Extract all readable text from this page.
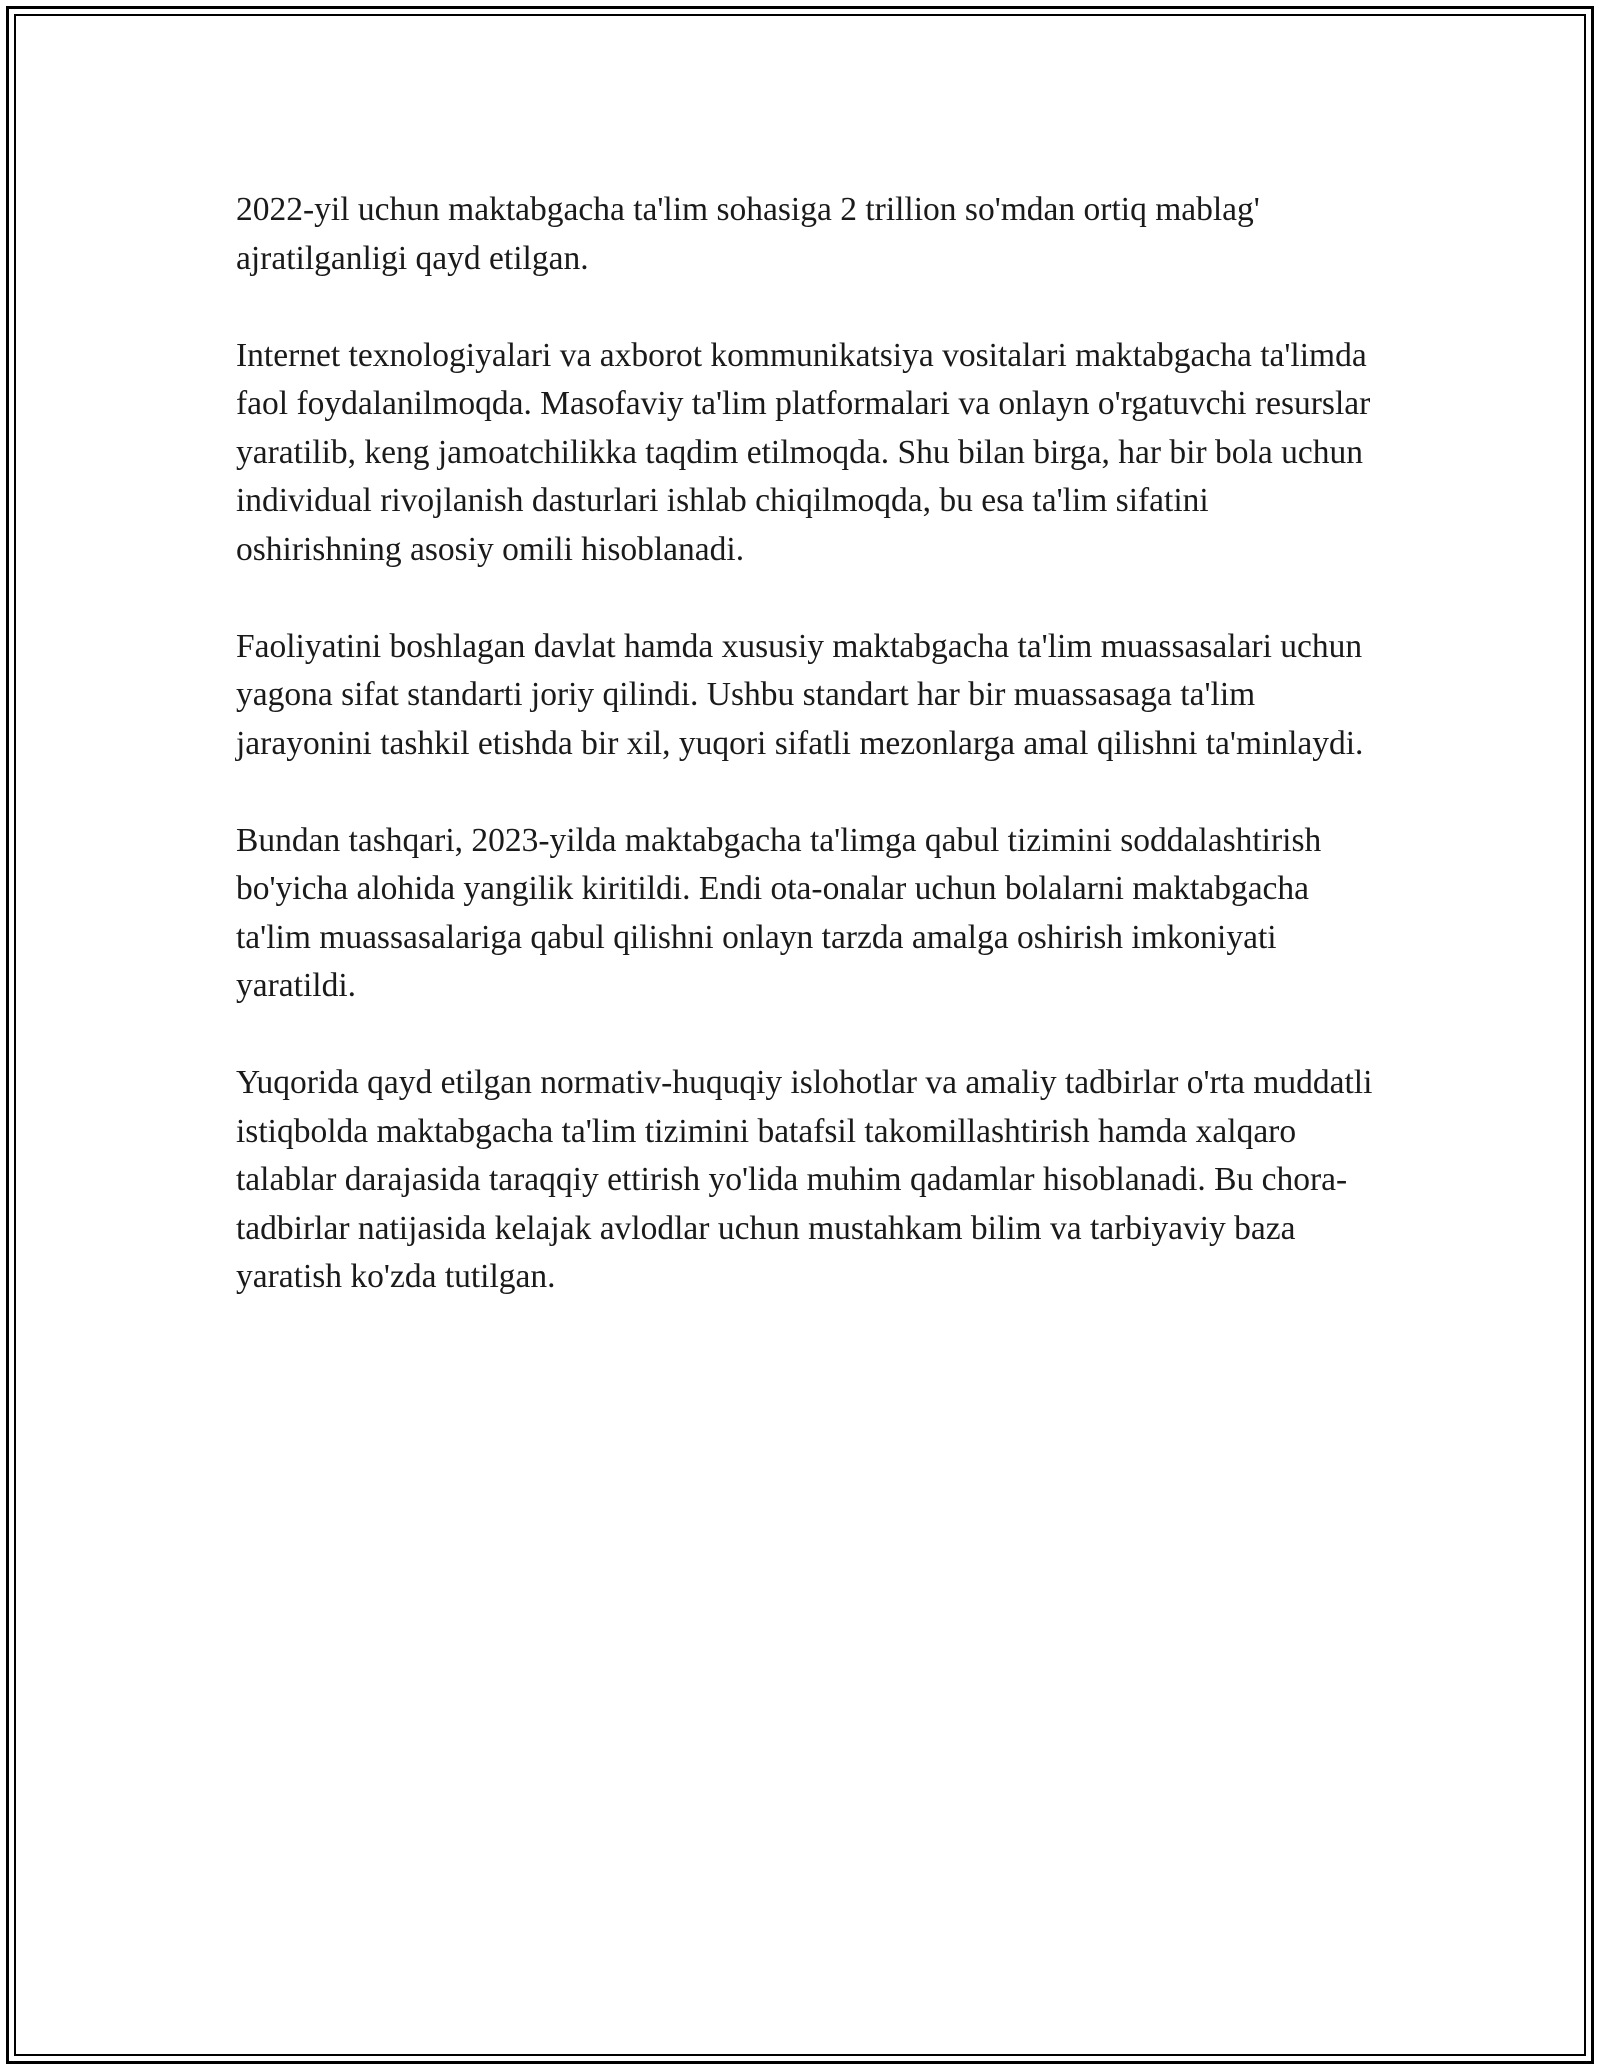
2022-yil uchun maktabgacha ta'lim sohasiga 2 trillion so'mdan ortiq mablag' ajratilganligi qayd etilgan.

Internet texnologiyalari va axborot kommunikatsiya vositalari maktabgacha ta'limda faol foydalanilmoqda. Masofaviy ta'lim platformalari va onlayn o'rgatuvchi resurslar yaratilib, keng jamoatchilikka taqdim etilmoqda. Shu bilan birga, har bir bola uchun individual rivojlanish dasturlari ishlab chiqilmoqda, bu esa ta'lim sifatini oshirishning asosiy omili hisoblanadi.

Faoliyatini boshlagan davlat hamda xususiy maktabgacha ta'lim muassasalari uchun yagona sifat standarti joriy qilindi. Ushbu standart har bir muassasaga ta'lim jarayonini tashkil etishda bir xil, yuqori sifatli mezonlarga amal qilishni ta'minlaydi.

Bundan tashqari, 2023-yilda maktabgacha ta'limga qabul tizimini soddalashtirish bo'yicha alohida yangilik kiritildi. Endi ota-onalar uchun bolalarni maktabgacha ta'lim muassasalariga qabul qilishni onlayn tarzda amalga oshirish imkoniyati yaratildi.

Yuqorida qayd etilgan normativ-huquqiy islohotlar va amaliy tadbirlar o'rta muddatli istiqbolda maktabgacha ta'lim tizimini batafsil takomillashtirish hamda xalqaro talablar darajasida taraqqiy ettirish yo'lida muhim qadamlar hisoblanadi. Bu chora-tadbirlar natijasida kelajak avlodlar uchun mustahkam bilim va tarbiyaviy baza yaratish ko'zda tutilgan.
